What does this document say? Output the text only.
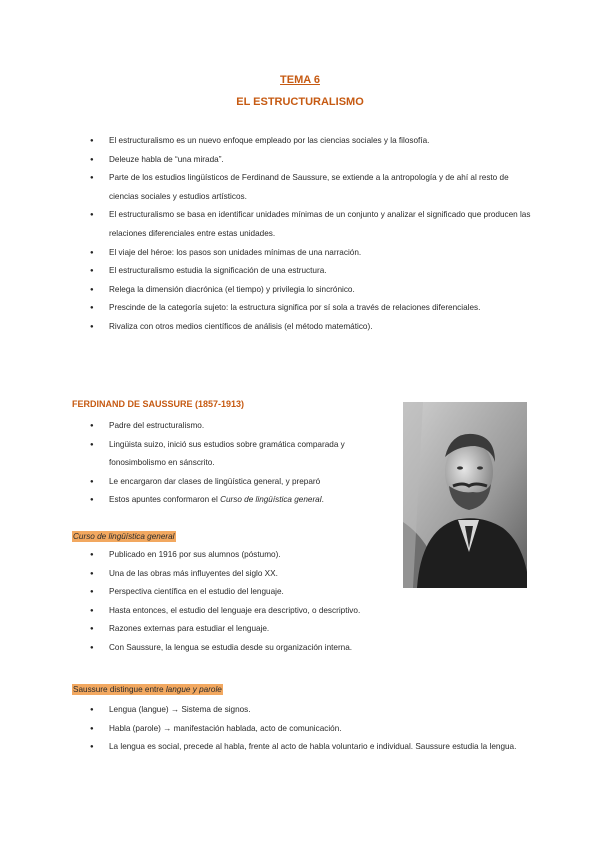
TEMA 6
EL ESTRUCTURALISMO
● El estructuralismo es un nuevo enfoque empleado por las ciencias sociales y la filosofía.
● Deleuze habla de “una mirada”.
● Parte de los estudios lingüísticos de Ferdinand de Saussure, se extiende a la antropología y de ahí al resto de ciencias sociales y estudios artísticos.
● El estructuralismo se basa en identificar unidades mínimas de un conjunto y analizar el significado que producen las relaciones diferenciales entre estas unidades.
● El viaje del héroe: los pasos son unidades mínimas de una narración.
● El estructuralismo estudia la significación de una estructura.
● Relega la dimensión diacrónica (el tiempo) y privilegia lo sincrónico.
● Prescinde de la categoría sujeto: la estructura significa por sí sola a través de relaciones diferenciales.
● Rivaliza con otros medios científicos de análisis (el método matemático).
FERDINAND DE SAUSSURE (1857-1913)
● Padre del estructuralismo.
● Lingüista suizo, inició sus estudios sobre gramática comparada y fonosimbolismo en sánscrito.
● Le encargaron dar clases de lingüística general, y preparó
● Estos apuntes conformaron el Curso de lingüística general.
Curso de lingüística general
● Publicado en 1916 por sus alumnos (póstumo).
● Una de las obras más influyentes del siglo XX.
● Perspectiva científica en el estudio del lenguaje.
● Hasta entonces, el estudio del lenguaje era descriptivo, o descriptivo.
● Razones externas para estudiar el lenguaje.
● Con Saussure, la lengua se estudia desde su organización interna.
Saussure distingue entre langue y parole
● Lengua (langue) → Sistema de signos.
● Habla (parole) → manifestación hablada, acto de comunicación.
● La lengua es social, precede al habla, frente al acto de habla voluntario e individual. Saussure estudia la lengua.
